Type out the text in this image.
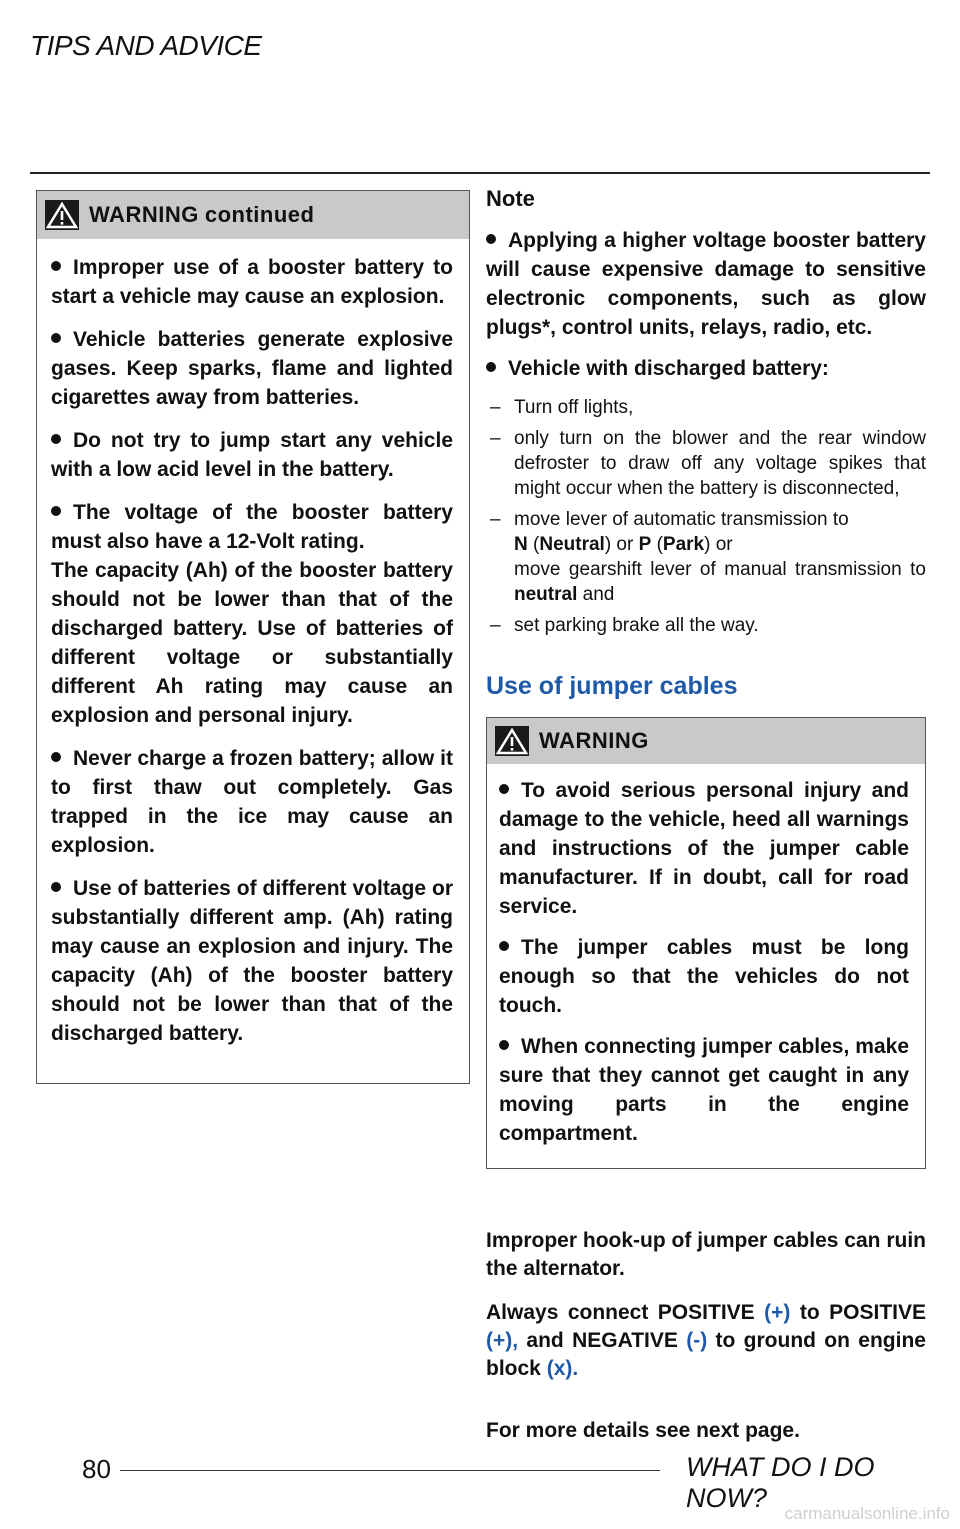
TIPS AND ADVICE
WARNING continued
Improper use of a booster battery to start a vehicle may cause an explosion.
Vehicle batteries generate explosive gases. Keep sparks, flame and lighted cigarettes away from batteries.
Do not try to jump start any vehicle with a low acid level in the battery.
The voltage of the booster battery must also have a 12-Volt rating.
The capacity (Ah) of the booster battery should not be lower than that of the discharged battery. Use of batteries of different voltage or substantially different Ah rating may cause an explosion and personal injury.
Never charge a frozen battery; allow it to first thaw out completely. Gas trapped in the ice may cause an explosion.
Use of batteries of different voltage or substantially different amp. (Ah) rating may cause an explosion and injury. The capacity (Ah) of the booster battery should not be lower than that of the discharged battery.
Note
Applying a higher voltage booster battery will cause expensive damage to sensitive electronic components, such as glow plugs*, control units, relays, radio, etc.
Vehicle with discharged battery:
– Turn off lights,
– only turn on the blower and the rear window defroster to draw off any voltage spikes that might occur when the battery is disconnected,
– move lever of automatic transmission to
N (Neutral) or P (Park) or
move gearshift lever of manual transmission to neutral and
– set parking brake all the way.
Use of jumper cables
WARNING
To avoid serious personal injury and damage to the vehicle, heed all warnings and instructions of the jumper cable manufacturer. If in doubt, call for road service.
The jumper cables must be long enough so that the vehicles do not touch.
When connecting jumper cables, make sure that they cannot get caught in any moving parts in the engine compartment.
Improper hook-up of jumper cables can ruin the alternator.
Always connect POSITIVE (+) to POSITIVE (+), and NEGATIVE (-) to ground on engine block (x).
For more details see next page.
80	WHAT DO I DO NOW?
carmanualsonline.info
